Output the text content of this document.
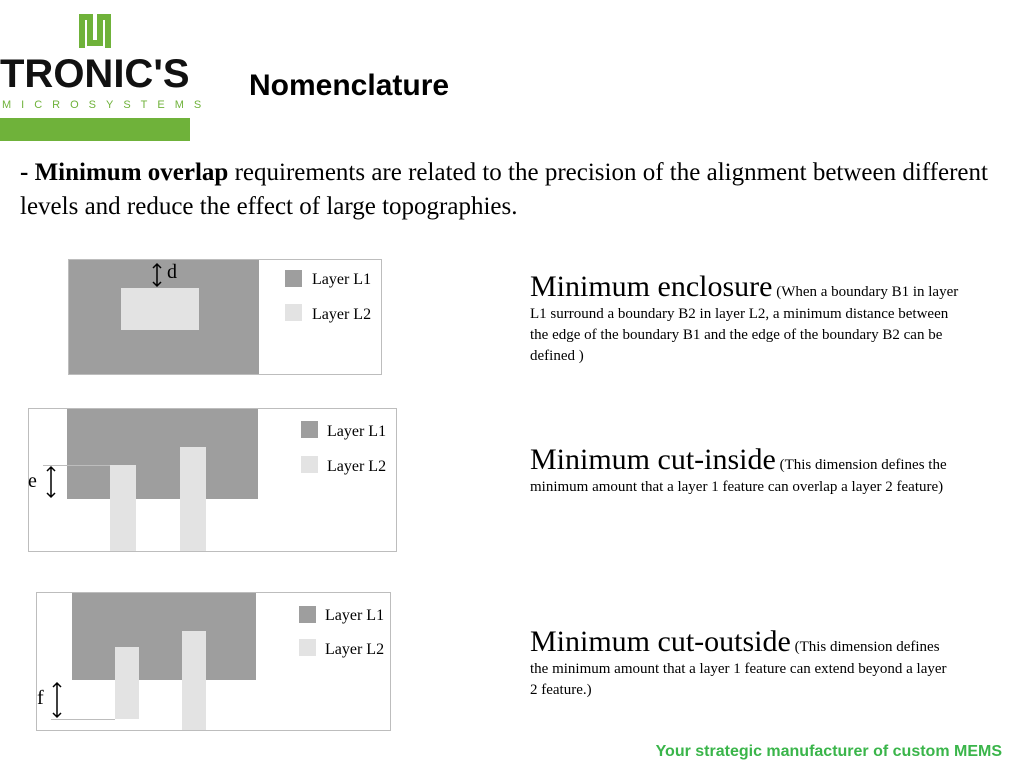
TRONIC'S
MICROSYSTEMS
Nomenclature
- Minimum overlap requirements are related to the precision of the alignment between different levels and reduce the effect of large topographies.
d	Layer L1
Layer L2
e
Layer L1
Layer L2
f
Layer L1
Layer L2
Minimum enclosure (When a boundary B1 in layer L1 surround a boundary B2 in layer L2, a minimum distance between the edge of the boundary B1 and the edge of the boundary B2 can be defined )
Minimum cut-inside (This dimension defines the minimum amount that a layer 1 feature can overlap a layer 2 feature)
Minimum cut-outside (This dimension defines the minimum amount that a layer 1 feature can extend beyond a layer 2 feature.)
Your strategic manufacturer of custom MEMS
